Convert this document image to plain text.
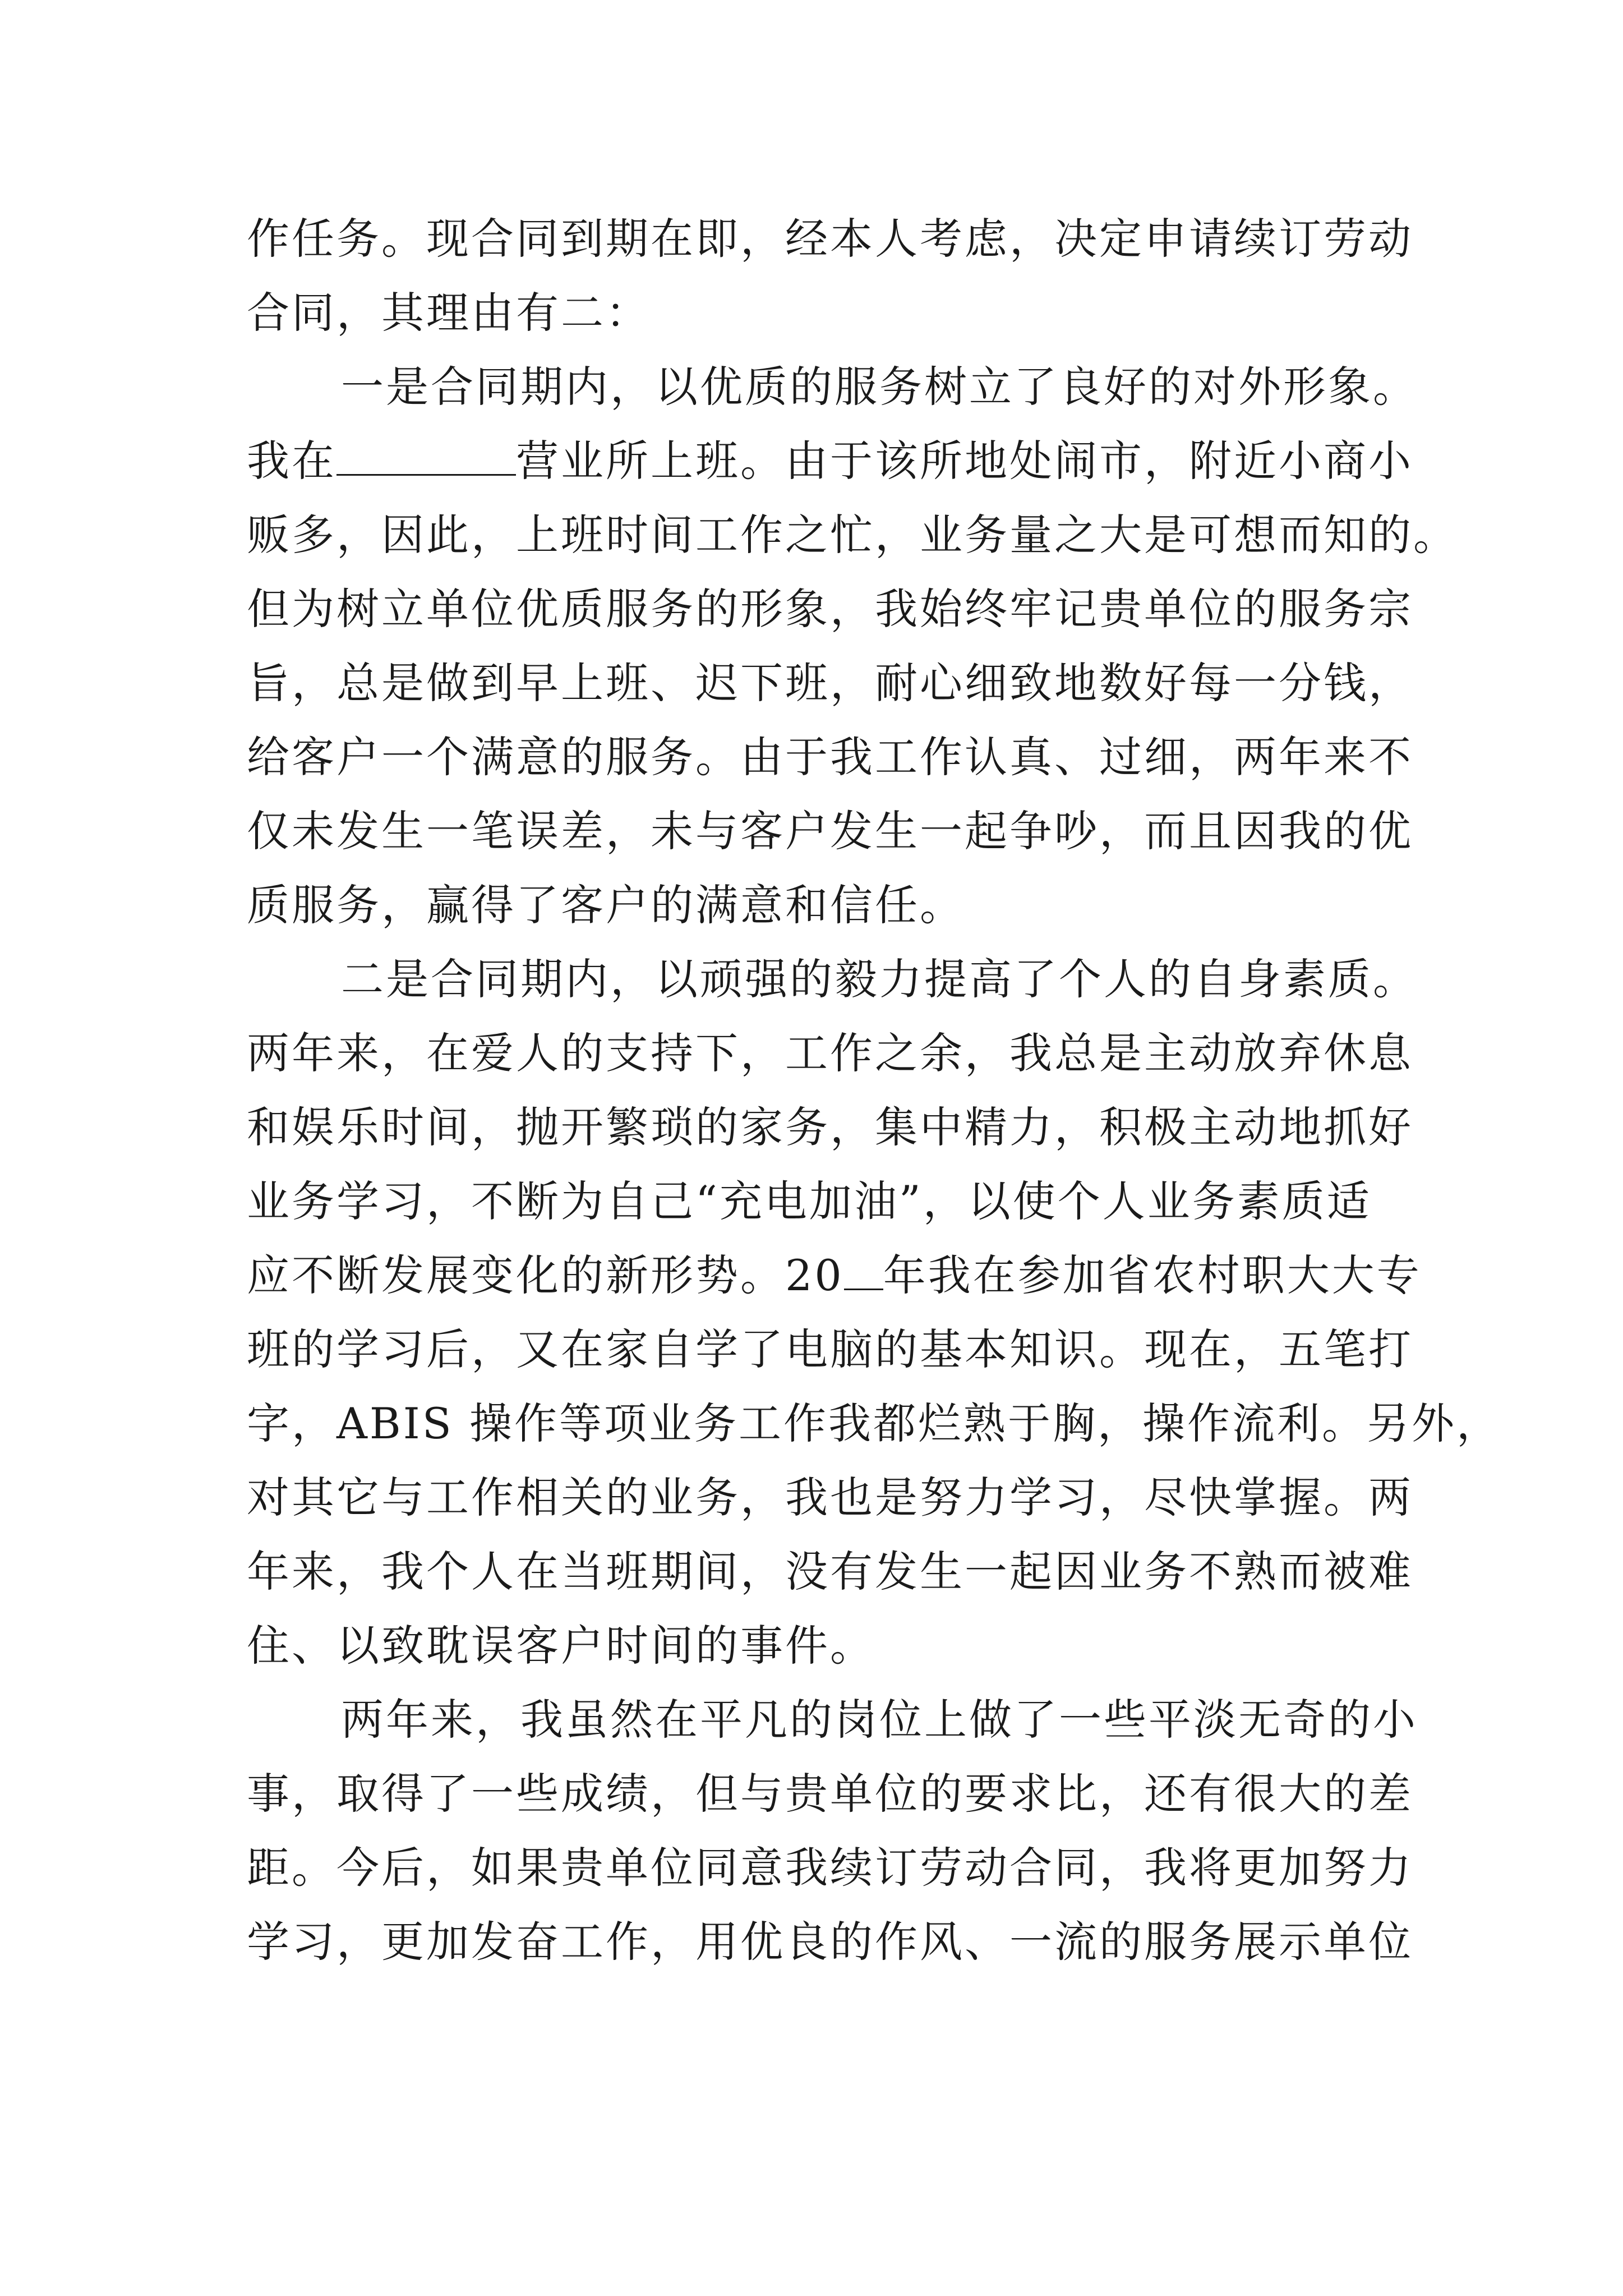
作任务。现合同到期在即，经本人考虑，决定申请续订劳动
合同，其理由有二：
一是合同期内，以优质的服务树立了良好的对外形象。
我在	营业所上班。由于该所地处闹市，附近小商小
贩多，因此，上班时间工作之忙，业务量之大是可想而知的。
但为树立单位优质服务的形象，我始终牢记贵单位的服务宗
旨，总是做到早上班、迟下班，耐心细致地数好每一分钱，
给客户一个满意的服务。由于我工作认真、过细，两年来不
仅未发生一笔误差，未与客户发生一起争吵，而且因我的优
质服务，赢得了客户的满意和信任。
二是合同期内，以顽强的毅力提高了个人的自身素质。
两年来，在爱人的支持下，工作之余，我总是主动放弃休息
和娱乐时间，抛开繁琐的家务，集中精力，积极主动地抓好
业务学习，不断为自己“充电加油”，以使个人业务素质适
应不断发展变化的新形势。20 年我在参加省农村职大大专
班的学习后，又在家自学了电脑的基本知识。现在，五笔打
字，ABIS 操作等项业务工作我都烂熟于胸，操作流利。另外，
对其它与工作相关的业务，我也是努力学习，尽快掌握。两
年来，我个人在当班期间，没有发生一起因业务不熟而被难
住、以致耽误客户时间的事件。
两年来，我虽然在平凡的岗位上做了一些平淡无奇的小
事，取得了一些成绩，但与贵单位的要求比，还有很大的差
距。今后，如果贵单位同意我续订劳动合同，我将更加努力
学习，更加发奋工作，用优良的作风、一流的服务展示单位
